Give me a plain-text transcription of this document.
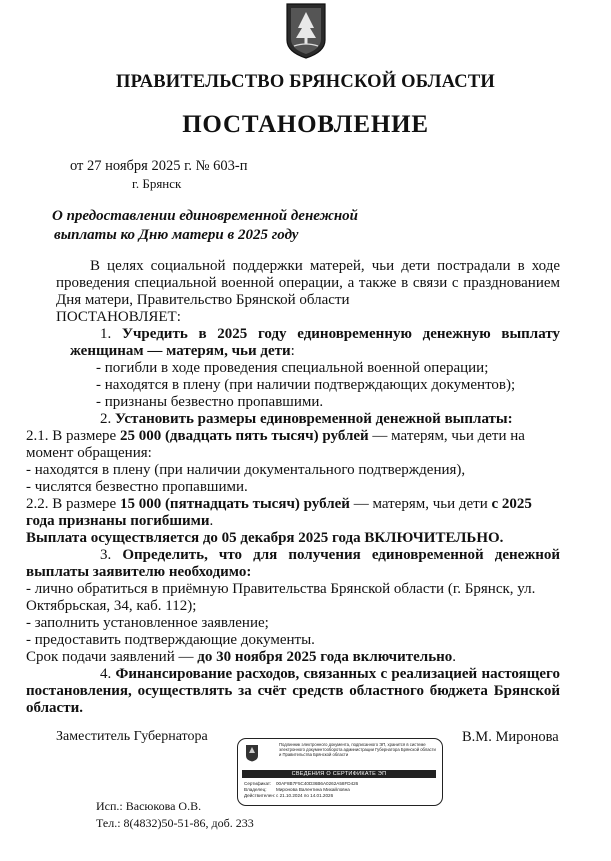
ПРАВИТЕЛЬСТВО БРЯНСКОЙ ОБЛАСТИ
ПОСТАНОВЛЕНИЕ
от 27 ноября 2025 г. № 603-п
г. Брянск
О предоставлении единовременной денежной
выплаты ко Дню матери в 2025 году

В целях социальной поддержки матерей, чьи дети пострадали в ходе проведения специальной военной операции, а также в связи с празднованием Дня матери, Правительство Брянской области

ПОСТАНОВЛЯЕТ:

1. Учредить в 2025 году единовременную денежную выплату

женщинам — матерям, чьи дети:

- погибли в ходе проведения специальной военной операции;

- находятся в плену (при наличии подтверждающих документов);

- признаны безвестно пропавшими.

2. Установить размеры единовременной денежной выплаты:

2.1. В размере 25 000 (двадцать пять тысяч) рублей — матерям, чьи дети на

момент обращения:

- находятся в плену (при наличии документального подтверждения),

- числятся безвестно пропавшими.

2.2. В размере 15 000 (пятнадцать тысяч) рублей — матерям, чьи дети с 2025

года признаны погибшими.

Выплата осуществляется до 05 декабря 2025 года ВКЛЮЧИТЕЛЬНО.

3. Определить, что для получения единовременной денежной

выплаты заявителю необходимо:

- лично обратиться в приёмную Правительства Брянской области (г. Брянск, ул. Октябрьская, 34, каб. 112);

- заполнить установленное заявление;

- предоставить подтверждающие документы.

Срок подачи заявлений — до 30 ноября 2025 года включительно.

4. Финансирование расходов, связанных с реализацией настоящего постановления, осуществлять за счёт средств областного бюджета Брянской области.

Заместитель Губернатора	В.М. Миронова
Подлинник электронного документа, подписанного ЭП, хранится в системе электронного документооборота администрации Губернатора Брянской области и Правительства Брянской области
СВЕДЕНИЯ О СЕРТИФИКАТЕ ЭП
Сертификат: 00AF8B7F5C40D36B6A0262A58FD426
Владелец: Миронова Валентина Михайловна
Действителен:с 21.10.2024 по 14.01.2026
Исп.: Васюкова О.В.
Тел.: 8(4832)50-51-86, доб. 233
